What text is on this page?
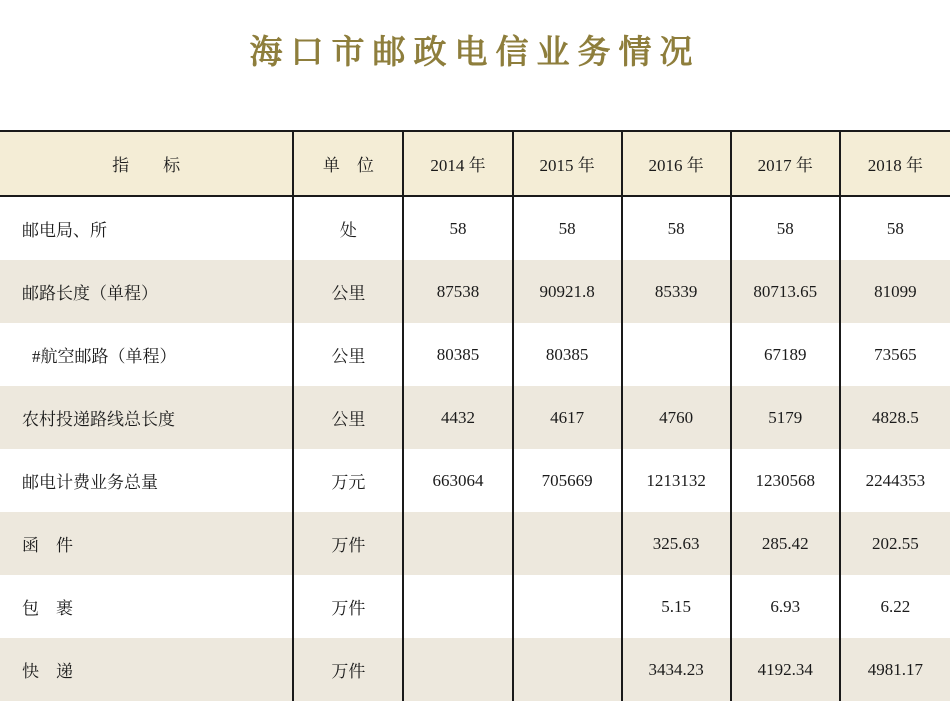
海口市邮政电信业务情况
指　　标	单　位	2014 年	2015 年	2016 年	2017 年	2018 年
邮电局、所	处	58	58	58	58	58
邮路长度（单程）	公里	87538	90921.8	85339	80713.65	81099
#航空邮路（单程）	公里	80385	80385		67189	73565
农村投递路线总长度	公里	4432	4617	4760	5179	4828.5
邮电计费业务总量	万元	663064	705669	1213132	1230568	2244353
函　件	万件			325.63	285.42	202.55
包　裹	万件			5.15	6.93	6.22
快　递	万件			3434.23	4192.34	4981.17
